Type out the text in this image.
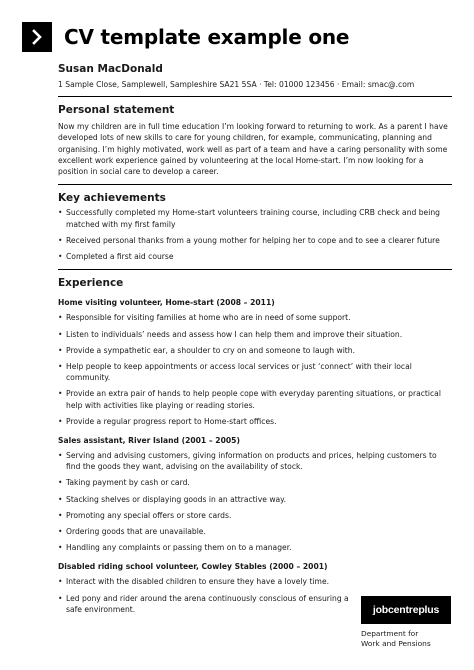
CV template example one
Susan MacDonald
1 Sample Close, Samplewell, Sampleshire SA21 5SA · Tel: 01000 123456 · Email: smac@.com
Personal statement
Now my children are in full time education I’m looking forward to returning to work. As a parent I have developed lots of new skills to care for young children, for example, communicating, planning and organising. I’m highly motivated, work well as part of a team and have a caring personality with some excellent work experience gained by volunteering at the local Home-start. I’m now looking for a position in social care to develop a career.
Key achievements
• Successfully completed my Home-start volunteers training course, including CRB check and being matched with my first family
• Received personal thanks from a young mother for helping her to cope and to see a clearer future
• Completed a first aid course
Experience
Home visiting volunteer, Home-start (2008 – 2011)
• Responsible for visiting families at home who are in need of some support.
• Listen to individuals’ needs and assess how I can help them and improve their situation.
• Provide a sympathetic ear, a shoulder to cry on and someone to laugh with.
• Help people to keep appointments or access local services or just ‘connect’ with their local community.
• Provide an extra pair of hands to help people cope with everyday parenting situations, or practical help with activities like playing or reading stories.
• Provide a regular progress report to Home-start offices.
Sales assistant, River Island (2001 – 2005)
• Serving and advising customers, giving information on products and prices, helping customers to find the goods they want, advising on the availability of stock.
• Taking payment by cash or card.
• Stacking shelves or displaying goods in an attractive way.
• Promoting any special offers or store cards.
• Ordering goods that are unavailable.
• Handling any complaints or passing them on to a manager.
Disabled riding school volunteer, Cowley Stables (2000 – 2001)
• Interact with the disabled children to ensure they have a lovely time.
• Led pony and rider around the arena continuously conscious of ensuring a safe environment.	jobcentreplus
Department for
Work and Pensions
